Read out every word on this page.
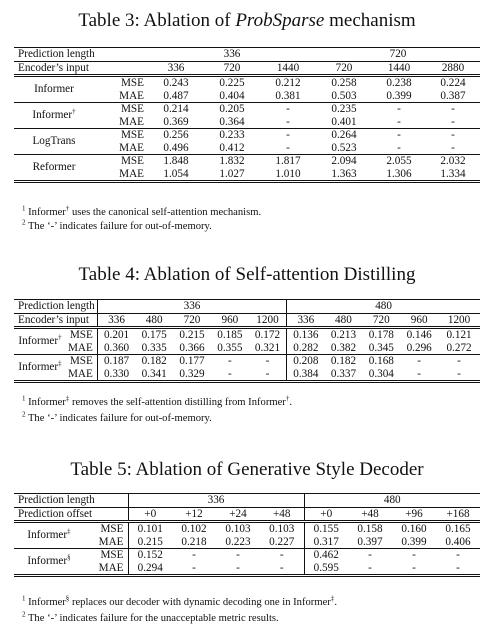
Table 3: Ablation of ProbSparse mechanism
Prediction length		336			720		
Encoder’s input		336	720	1440	720	1440	2880
Informer	MSE	0.243	0.225	0.212	0.258	0.238	0.224
	MAE	0.487	0.404	0.381	0.503	0.399	0.387
Informer†	MSE	0.214	0.205	-	0.235	-	-
	MAE	0.369	0.364	-	0.401	-	-
LogTrans	MSE	0.256	0.233	-	0.264	-	-
	MAE	0.496	0.412	-	0.523	-	-
Reformer	MSE	1.848	1.832	1.817	2.094	2.055	2.032
	MAE	1.054	1.027	1.010	1.363	1.306	1.334

$^1$ Informer† uses the canonical self-attention mechanism.
$^2$ The ‘-’ indicates failure for out-of-memory.
Table 4: Ablation of Self-attention Distilling
Prediction length		336					480				
Encoder’s input		336	480	720	960	1200	336	480	720	960	1200
Informer†	MSE	0.201	0.175	0.215	0.185	0.172	0.136	0.213	0.178	0.146	0.121
	MAE	0.360	0.335	0.366	0.355	0.321	0.282	0.382	0.345	0.296	0.272
Informer‡	MSE	0.187	0.182	0.177	-	-	0.208	0.182	0.168	-	-
	MAE	0.330	0.341	0.329	-	-	0.384	0.337	0.304	-	-

$^1$ Informer‡ removes the self-attention distilling from Informer†.
$^2$ The ‘-’ indicates failure for out-of-memory.
Table 5: Ablation of Generative Style Decoder
Prediction length		336				480			
Prediction offset		+0	+12	+24	+48	+0	+48	+96	+168
Informer‡	MSE	0.101	0.102	0.103	0.103	0.155	0.158	0.160	0.165
	MAE	0.215	0.218	0.223	0.227	0.317	0.397	0.399	0.406
Informer§	MSE	0.152	-	-	-	0.462	-	-	-
	MAE	0.294	-	-	-	0.595	-	-	-

$^1$ Informer§ replaces our decoder with dynamic decoding one in Informer‡.
$^2$ The ‘-’ indicates failure for the unacceptable metric results.
